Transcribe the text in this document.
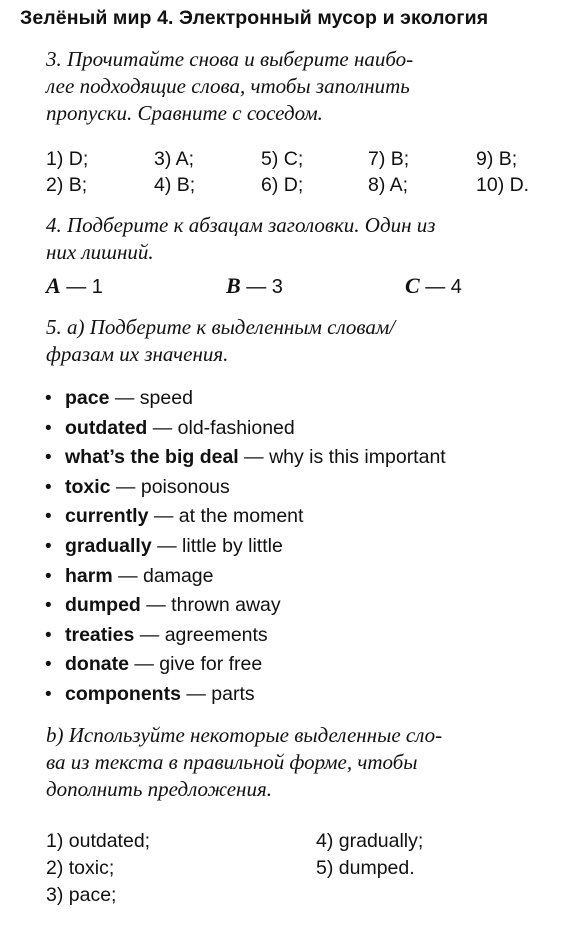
Зелёный мир 4. Электронный мусор и экология
3. Прочитайте снова и выберите наибо-
лее подходящие слова, чтобы заполнить
пропуски. Сравните с соседом.
1) D;	3) A;	5) C;	7) B;	9) B;
2) B;	4) B;	6) D;	8) A;	10) D.
4. Подберите к абзацам заголовки. Один из
них лишний.
A — 1	B — 3	C — 4
5. a) Подберите к выделенным словам/
фразам их значения.
• pace — speed
• outdated — old-fashioned
• what’s the big deal — why is this important
• toxic — poisonous
• currently — at the moment
• gradually — little by little
• harm — damage
• dumped — thrown away
• treaties — agreements
• donate — give for free
• components — parts
b) Используйте некоторые выделенные сло-
ва из текста в правильной форме, чтобы
дополнить предложения.
1) outdated;
2) toxic;
3) pace;
4) gradually;
5) dumped.
